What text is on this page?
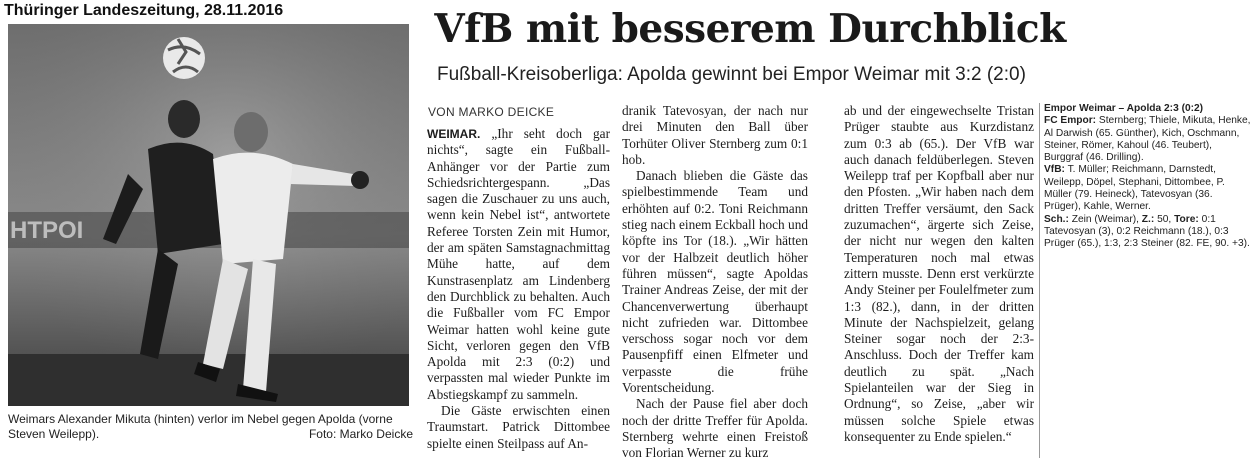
Thüringer Landeszeitung, 28.11.2016
HTPOI
Weimars Alexander Mikuta (hinten) verlor im Nebel gegen Apolda (vorne Steven Weilepp).	Foto: Marko Deicke
VfB mit besserem Durchblick
Fußball-Kreisoberliga: Apolda gewinnt bei Empor Weimar mit 3:2 (2:0)
VON MARKO DEICKE

WEIMAR. „Ihr seht doch gar nichts“, sagte ein Fußball-Anhänger vor der Partie zum Schiedsrichtergespann. „Das sagen die Zuschauer zu uns auch, wenn kein Nebel ist“, antwortete Referee Torsten Zein mit Humor, der am späten Samstagnachmittag Mühe hatte, auf dem Kunstrasenplatz am Lindenberg den Durchblick zu behalten. Auch die Fußballer vom FC Empor Weimar hatten wohl keine gute Sicht, verloren gegen den VfB Apolda mit 2:3 (0:2) und verpassten mal wieder Punkte im Abstiegskampf zu sammeln.

Die Gäste erwischten einen Traumstart. Patrick Dittombee spielte einen Steilpass auf An-

dranik Tatevosyan, der nach nur drei Minuten den Ball über Torhüter Oliver Sternberg zum 0:1 hob.

Danach blieben die Gäste das spielbestimmende Team und erhöhten auf 0:2. Toni Reichmann stieg nach einem Eckball hoch und köpfte ins Tor (18.). „Wir hätten vor der Halbzeit deutlich höher führen müssen“, sagte Apoldas Trainer Andreas Zeise, der mit der Chancenverwertung überhaupt nicht zufrieden war. Dittombee verschoss sogar noch vor dem Pausenpfiff einen Elfmeter und verpasste die frühe Vorentscheidung.

Nach der Pause fiel aber doch noch der dritte Treffer für Apolda. Sternberg wehrte einen Freistoß von Florian Werner zu kurz

ab und der eingewechselte Tristan Prüger staubte aus Kurzdistanz zum 0:3 ab (65.). Der VfB war auch danach feldüberlegen. Steven Weilepp traf per Kopfball aber nur den Pfosten. „Wir haben nach dem dritten Treffer versäumt, den Sack zuzumachen“, ärgerte sich Zeise, der nicht nur wegen den kalten Temperaturen noch mal etwas zittern musste. Denn erst verkürzte Andy Steiner per Foulelfmeter zum 1:3 (82.), dann, in der dritten Minute der Nachspielzeit, gelang Steiner sogar noch der 2:3-Anschluss. Doch der Treffer kam deutlich zu spät. „Nach Spielanteilen war der Sieg in Ordnung“, so Zeise, „aber wir müssen solche Spiele etwas konsequenter zu Ende spielen.“

Empor Weimar – Apolda 2:3 (0:2)

FC Empor: Sternberg; Thiele, Mikuta, Henke, Al Darwish (65. Günther), Kich, Oschmann, Steiner, Römer, Kahoul (46. Teubert), Burggraf (46. Drilling).

VfB: T. Müller; Reichmann, Darnstedt, Weilepp, Döpel, Stephani, Dittombee, P. Müller (79. Heineck), Tatevosyan (36. Prüger), Kahle, Werner.

Sch.: Zein (Weimar), Z.: 50, Tore: 0:1 Tatevosyan (3), 0:2 Reichmann (18.), 0:3 Prüger (65.), 1:3, 2:3 Steiner (82. FE, 90. +3).
